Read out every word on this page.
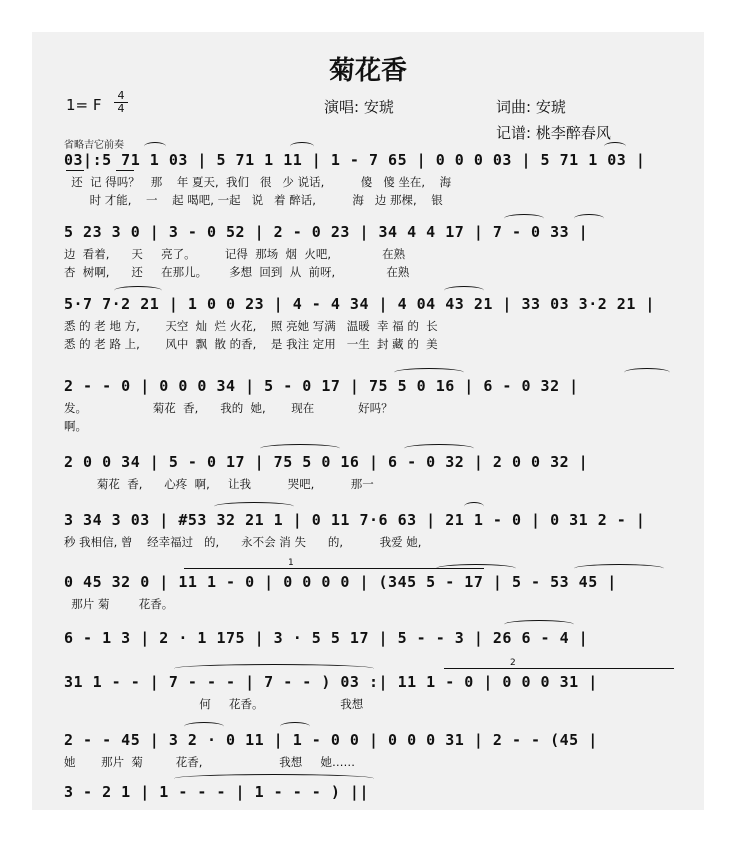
菊花香
1= F
4
4	演唱: 安琥	词曲: 安琥
记谱: 桃李醉春风
省略吉它前奏
03|:5 71 1 03 | 5 71 1 11 | 1 - 7 65 | 0 0 0 03 | 5 71 1 03 |
还  记 得吗？   那    年 夏天,  我们   很   少 说话,          傻   傻 坐在,    海
时 才能,    一    起 喝吧, 一起   说   着 醉话,          海   边 那棵,    银
5 23 3 0 | 3 - 0 52 | 2 - 0 23 | 34 4 4 17 | 7 - 0 33 |
边  看着,      天     亮了。        记得  那场  烟  火吧,              在熟
杏  树啊,      还     在那儿。      多想  回到  从  前呀,              在熟
5·7 7·2 21 | 1 0 0 23 | 4 - 4 34 | 4 04 43 21 | 33 03 3·2 21 |
悉 的 老 地 方,       天空  灿  烂 火花,    照 亮她 写满   温暖  幸 福 的  长
悉 的 老 路 上,       风中  飘  散 的香,    是 我注 定用   一生  封 藏 的  美
2 - - 0 | 0 0 0 34 | 5 - 0 17 | 75 5 0 16 | 6 - 0 32 |
发。                  菊花  香,      我的  她,       现在            好吗？
啊。
2 0 0 34 | 5 - 0 17 | 75 5 0 16 | 6 - 0 32 | 2 0 0 32 |
菊花  香,      心疼  啊,     让我          哭吧,          那一
3 34 3 03 | #53 32 21 1 | 0 11 7·6 63 | 21 1 - 0 | 0 31 2 - |
秒 我相信, 曾    经幸福过   的,      永不会 消 失      的,          我爱 她,
0 45 32 0 | 11 1 - 0 | 0 0 0 0 | (345 5 - 17 | 5 - 53 45 |
那片 菊        花香。
1
6 - 1 3 | 2 · 1 175 | 3 · 5 5 17 | 5 - - 3 | 26 6 - 4 |
31 1 - - | 7 - - - | 7 - - ) 03 :| 11 1 - 0 | 0 0 0 31 |
何     花香。                     我想
2
2 - - 45 | 3 2 · 0 11 | 1 - 0 0 | 0 0 0 31 | 2 - - (45 |
她       那片  菊         花香,                     我想     她……
3 - 2 1 | 1 - - - | 1 - - - ) ||
